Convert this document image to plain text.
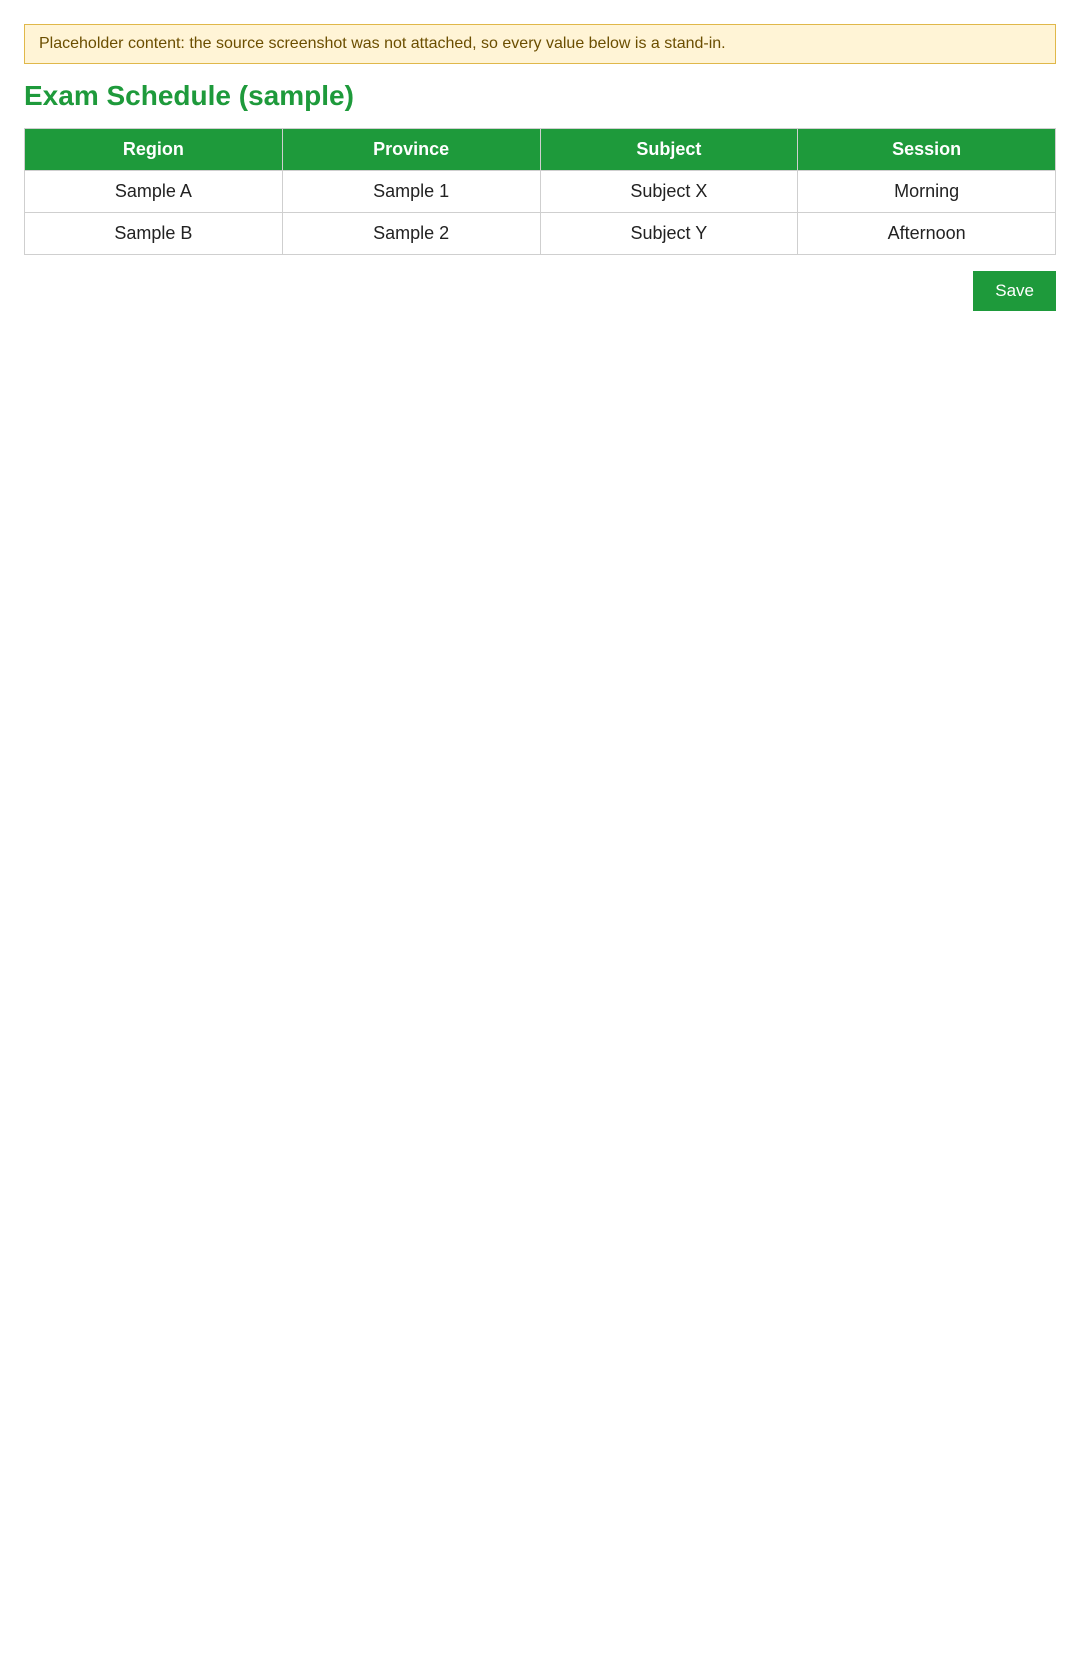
Placeholder content: the source screenshot was not attached, so every value below is a stand-in.
Exam Schedule (sample)
Region	Province	Subject	Session
Sample A	Sample 1	Subject X	Morning
Sample B	Sample 2	Subject Y	Afternoon
Save
